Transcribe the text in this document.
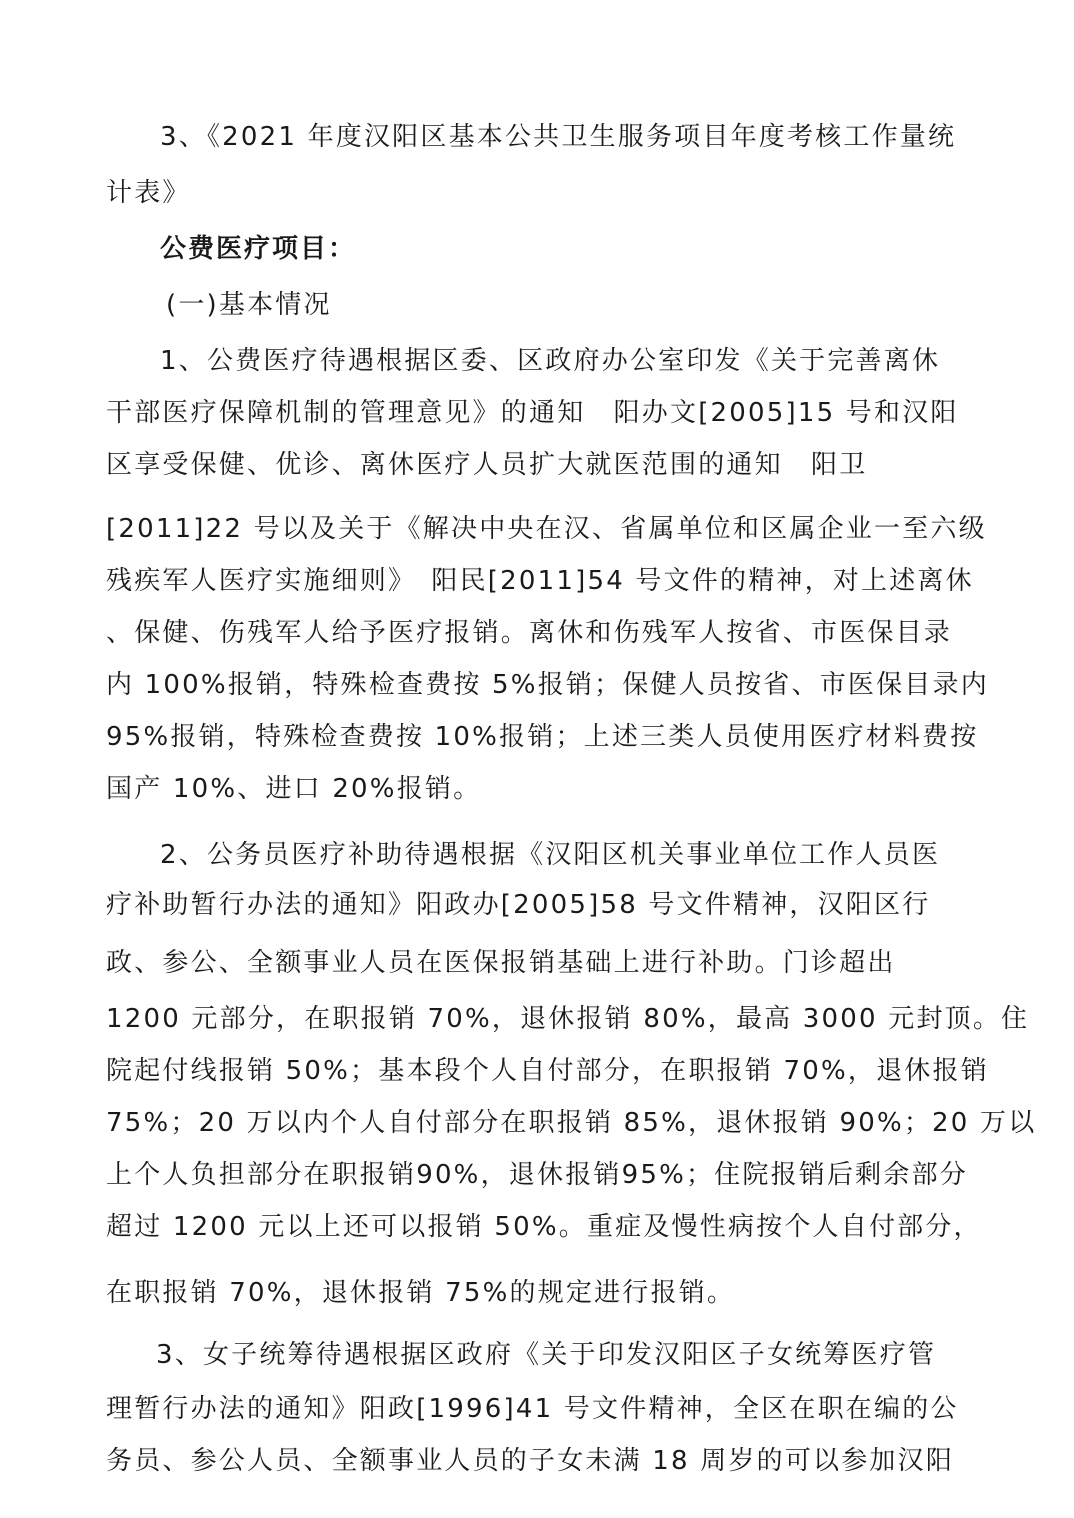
3、《2021 年度汉阳区基本公共卫生服务项目年度考核工作量统
计表》
公费医疗项目：
(一)基本情况
1、公费医疗待遇根据区委、区政府办公室印发《关于完善离休
干部医疗保障机制的管理意见》的通知　阳办文[2005]15 号和汉阳
区享受保健、优诊、离休医疗人员扩大就医范围的通知　阳卫
[2011]22 号以及关于《解决中央在汉、省属单位和区属企业一至六级
残疾军人医疗实施细则》　阳民[2011]54 号文件的精神，对上述离休
、保健、伤残军人给予医疗报销。离休和伤残军人按省、市医保目录
内 100%报销，特殊检查费按 5%报销；保健人员按省、市医保目录内
95%报销，特殊检查费按 10%报销；上述三类人员使用医疗材料费按
国产 10%、进口 20%报销。
2、公务员医疗补助待遇根据《汉阳区机关事业单位工作人员医
疗补助暂行办法的通知》阳政办[2005]58 号文件精神，汉阳区行
政、参公、全额事业人员在医保报销基础上进行补助。门诊超出
1200 元部分，在职报销 70%，退休报销 80%，最高 3000 元封顶。住
院起付线报销 50%；基本段个人自付部分，在职报销 70%，退休报销
75%；20 万以内个人自付部分在职报销 85%，退休报销 90%；20 万以
上个人负担部分在职报销90%，退休报销95%；住院报销后剩余部分
超过 1200 元以上还可以报销 50%。重症及慢性病按个人自付部分，
在职报销 70%，退休报销 75%的规定进行报销。
3、女子统筹待遇根据区政府《关于印发汉阳区子女统筹医疗管
理暂行办法的通知》阳政[1996]41 号文件精神，全区在职在编的公
务员、参公人员、全额事业人员的子女未满 18 周岁的可以参加汉阳
